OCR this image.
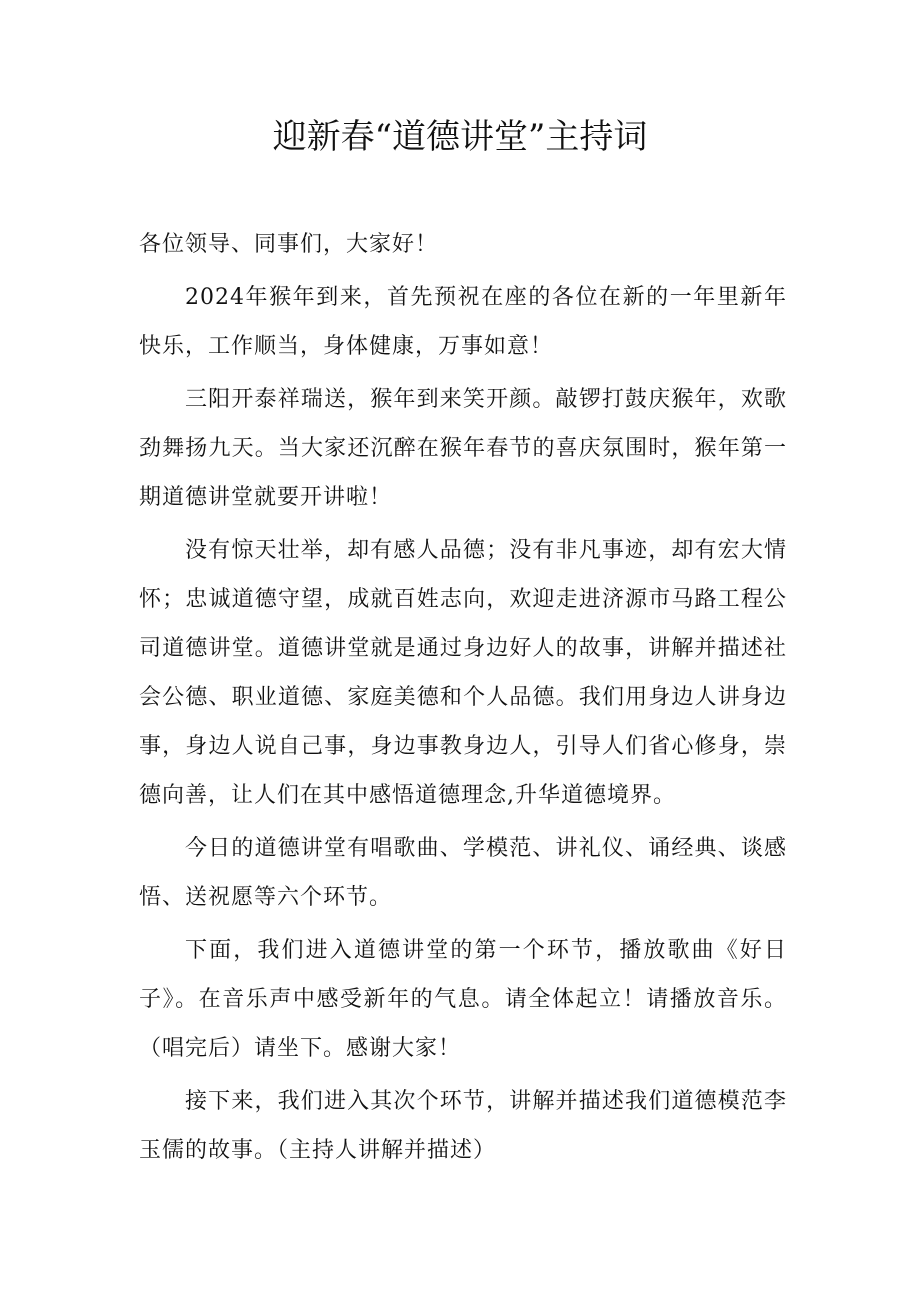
迎新春“道德讲堂”主持词

各位领导、同事们，大家好！

2024年猴年到来，首先预祝在座的各位在新的一年里新年快乐，工作顺当，身体健康，万事如意！

三阳开泰祥瑞送，猴年到来笑开颜。敲锣打鼓庆猴年，欢歌劲舞扬九天。当大家还沉醉在猴年春节的喜庆氛围时，猴年第一期道德讲堂就要开讲啦！

没有惊天壮举，却有感人品德；没有非凡事迹，却有宏大情怀；忠诚道德守望，成就百姓志向，欢迎走进济源市马路工程公司道德讲堂。道德讲堂就是通过身边好人的故事，讲解并描述社会公德、职业道德、家庭美德和个人品德。我们用身边人讲身边事，身边人说自己事，身边事教身边人，引导人们省心修身，崇德向善，让人们在其中感悟道德理念,升华道德境界。

今日的道德讲堂有唱歌曲、学模范、讲礼仪、诵经典、谈感悟、送祝愿等六个环节。

下面，我们进入道德讲堂的第一个环节，播放歌曲《好日子》。在音乐声中感受新年的气息。请全体起立！请播放音乐。（唱完后）请坐下。感谢大家！

接下来，我们进入其次个环节，讲解并描述我们道德模范李玉儒的故事。（主持人讲解并描述）
